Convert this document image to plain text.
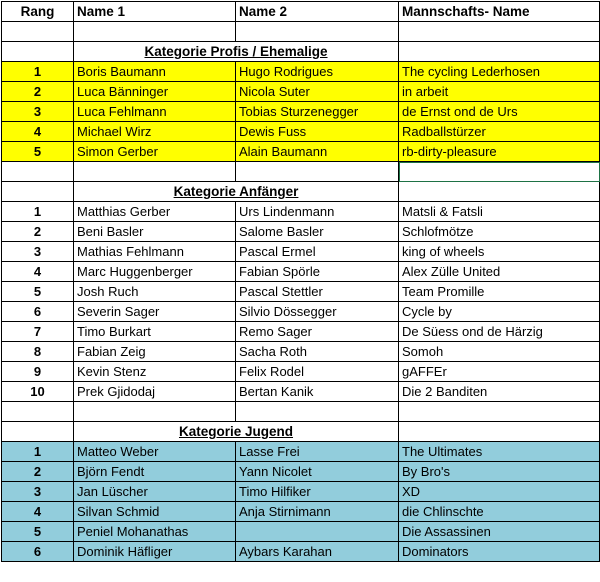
Rang	Name 1	Name 2	Mannschafts- Name

	Kategorie Profis / Ehemalige		
1	Boris Baumann	Hugo Rodrigues	The cycling Lederhosen
2	Luca Bänninger	Nicola Suter	in arbeit
3	Luca Fehlmann	Tobias Sturzenegger	de Ernst ond de Urs
4	Michael Wirz	Dewis Fuss	Radballstürzer
5	Simon Gerber	Alain Baumann	rb-dirty-pleasure

	Kategorie Anfänger		
1	Matthias Gerber	Urs Lindenmann	Matsli & Fatsli
2	Beni Basler	Salome Basler	Schlofmötze
3	Mathias Fehlmann	Pascal Ermel	king of wheels
4	Marc Huggenberger	Fabian Spörle	Alex Zülle United
5	Josh Ruch	Pascal Stettler	Team Promille
6	Severin Sager	Silvio Dössegger	Cycle by
7	Timo Burkart	Remo Sager	De Süess ond de Härzig
8	Fabian Zeig	Sacha Roth	Somoh
9	Kevin Stenz	Felix Rodel	gAFFEr
10	Prek Gjidodaj	Bertan Kanik	Die 2 Banditen

	Kategorie Jugend		
1	Matteo Weber	Lasse Frei	The Ultimates
2	Björn Fendt	Yann Nicolet	By Bro's
3	Jan Lüscher	Timo Hilfiker	XD
4	Silvan Schmid	Anja Stirnimann	die Chlinschte
5	Peniel Mohanathas		Die Assassinen
6	Dominik Häfliger	Aybars Karahan	Dominators
